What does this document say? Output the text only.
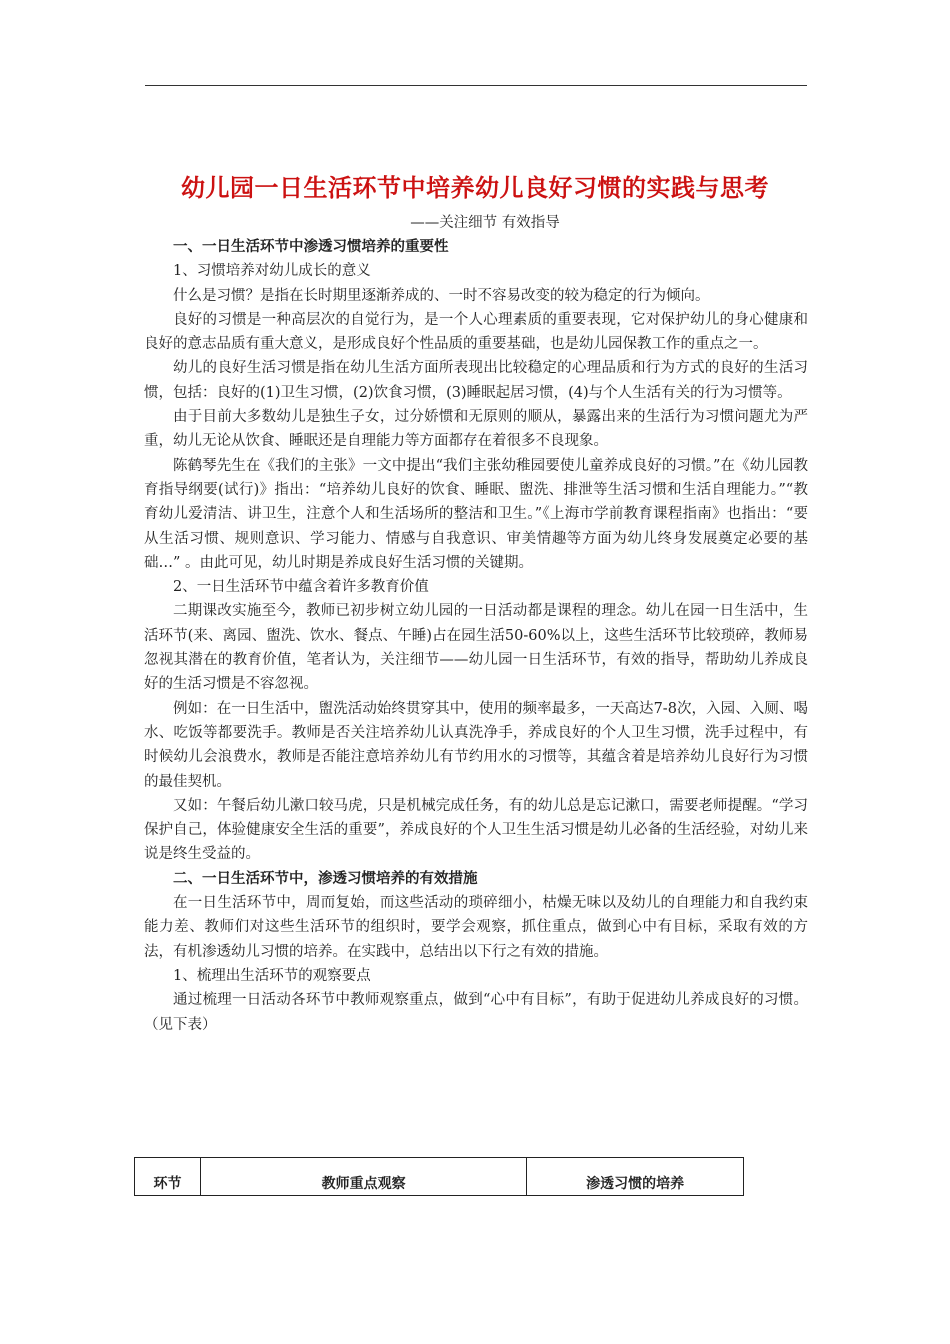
幼儿园一日生活环节中培养幼儿良好习惯的实践与思考
——关注细节 有效指导

一、一日生活环节中渗透习惯培养的重要性

1、习惯培养对幼儿成长的意义

什么是习惯？是指在长时期里逐渐养成的、一时不容易改变的较为稳定的行为倾向。

良好的习惯是一种高层次的自觉行为，是一个人心理素质的重要表现，它对保护幼儿的身心健康和良好的意志品质有重大意义，是形成良好个性品质的重要基础，也是幼儿园保教工作的重点之一。

幼儿的良好生活习惯是指在幼儿生活方面所表现出比较稳定的心理品质和行为方式的良好的生活习惯，包括：良好的(1)卫生习惯，(2)饮食习惯，(3)睡眠起居习惯，(4)与个人生活有关的行为习惯等。

由于目前大多数幼儿是独生子女，过分娇惯和无原则的顺从，暴露出来的生活行为习惯问题尤为严重，幼儿无论从饮食、睡眠还是自理能力等方面都存在着很多不良现象。

陈鹤琴先生在《我们的主张》一文中提出“我们主张幼稚园要使儿童养成良好的习惯。”在《幼儿园教育指导纲要(试行)》指出：“培养幼儿良好的饮食、睡眠、盥洗、排泄等生活习惯和生活自理能力。”“教育幼儿爱清洁、讲卫生，注意个人和生活场所的整洁和卫生。”《上海市学前教育课程指南》也指出：“要从生活习惯、规则意识、学习能力、情感与自我意识、审美情趣等方面为幼儿终身发展奠定必要的基础…” 。由此可见，幼儿时期是养成良好生活习惯的关键期。

2、一日生活环节中蕴含着许多教育价值

二期课改实施至今，教师已初步树立幼儿园的一日活动都是课程的理念。幼儿在园一日生活中，生活环节(来、离园、盥洗、饮水、餐点、午睡)占在园生活50-60%以上，这些生活环节比较琐碎，教师易忽视其潜在的教育价值，笔者认为，关注细节——幼儿园一日生活环节，有效的指导，帮助幼儿养成良好的生活习惯是不容忽视。

例如：在一日生活中，盥洗活动始终贯穿其中，使用的频率最多，一天高达7-8次，入园、入厕、喝水、吃饭等都要洗手。教师是否关注培养幼儿认真洗净手，养成良好的个人卫生习惯，洗手过程中，有时候幼儿会浪费水，教师是否能注意培养幼儿有节约用水的习惯等，其蕴含着是培养幼儿良好行为习惯的最佳契机。

又如：午餐后幼儿漱口较马虎，只是机械完成任务，有的幼儿总是忘记漱口，需要老师提醒。“学习保护自己，体验健康安全生活的重要”，养成良好的个人卫生生活习惯是幼儿必备的生活经验，对幼儿来说是终生受益的。

二、一日生活环节中，渗透习惯培养的有效措施

在一日生活环节中，周而复始，而这些活动的琐碎细小，枯燥无味以及幼儿的自理能力和自我约束能力差、教师们对这些生活环节的组织时，要学会观察，抓住重点，做到心中有目标，采取有效的方法，有机渗透幼儿习惯的培养。在实践中，总结出以下行之有效的措施。

1、梳理出生活环节的观察要点

通过梳理一日活动各环节中教师观察重点，做到“心中有目标”，有助于促进幼儿养成良好的习惯。（见下表）

环节	教师重点观察	渗透习惯的培养
